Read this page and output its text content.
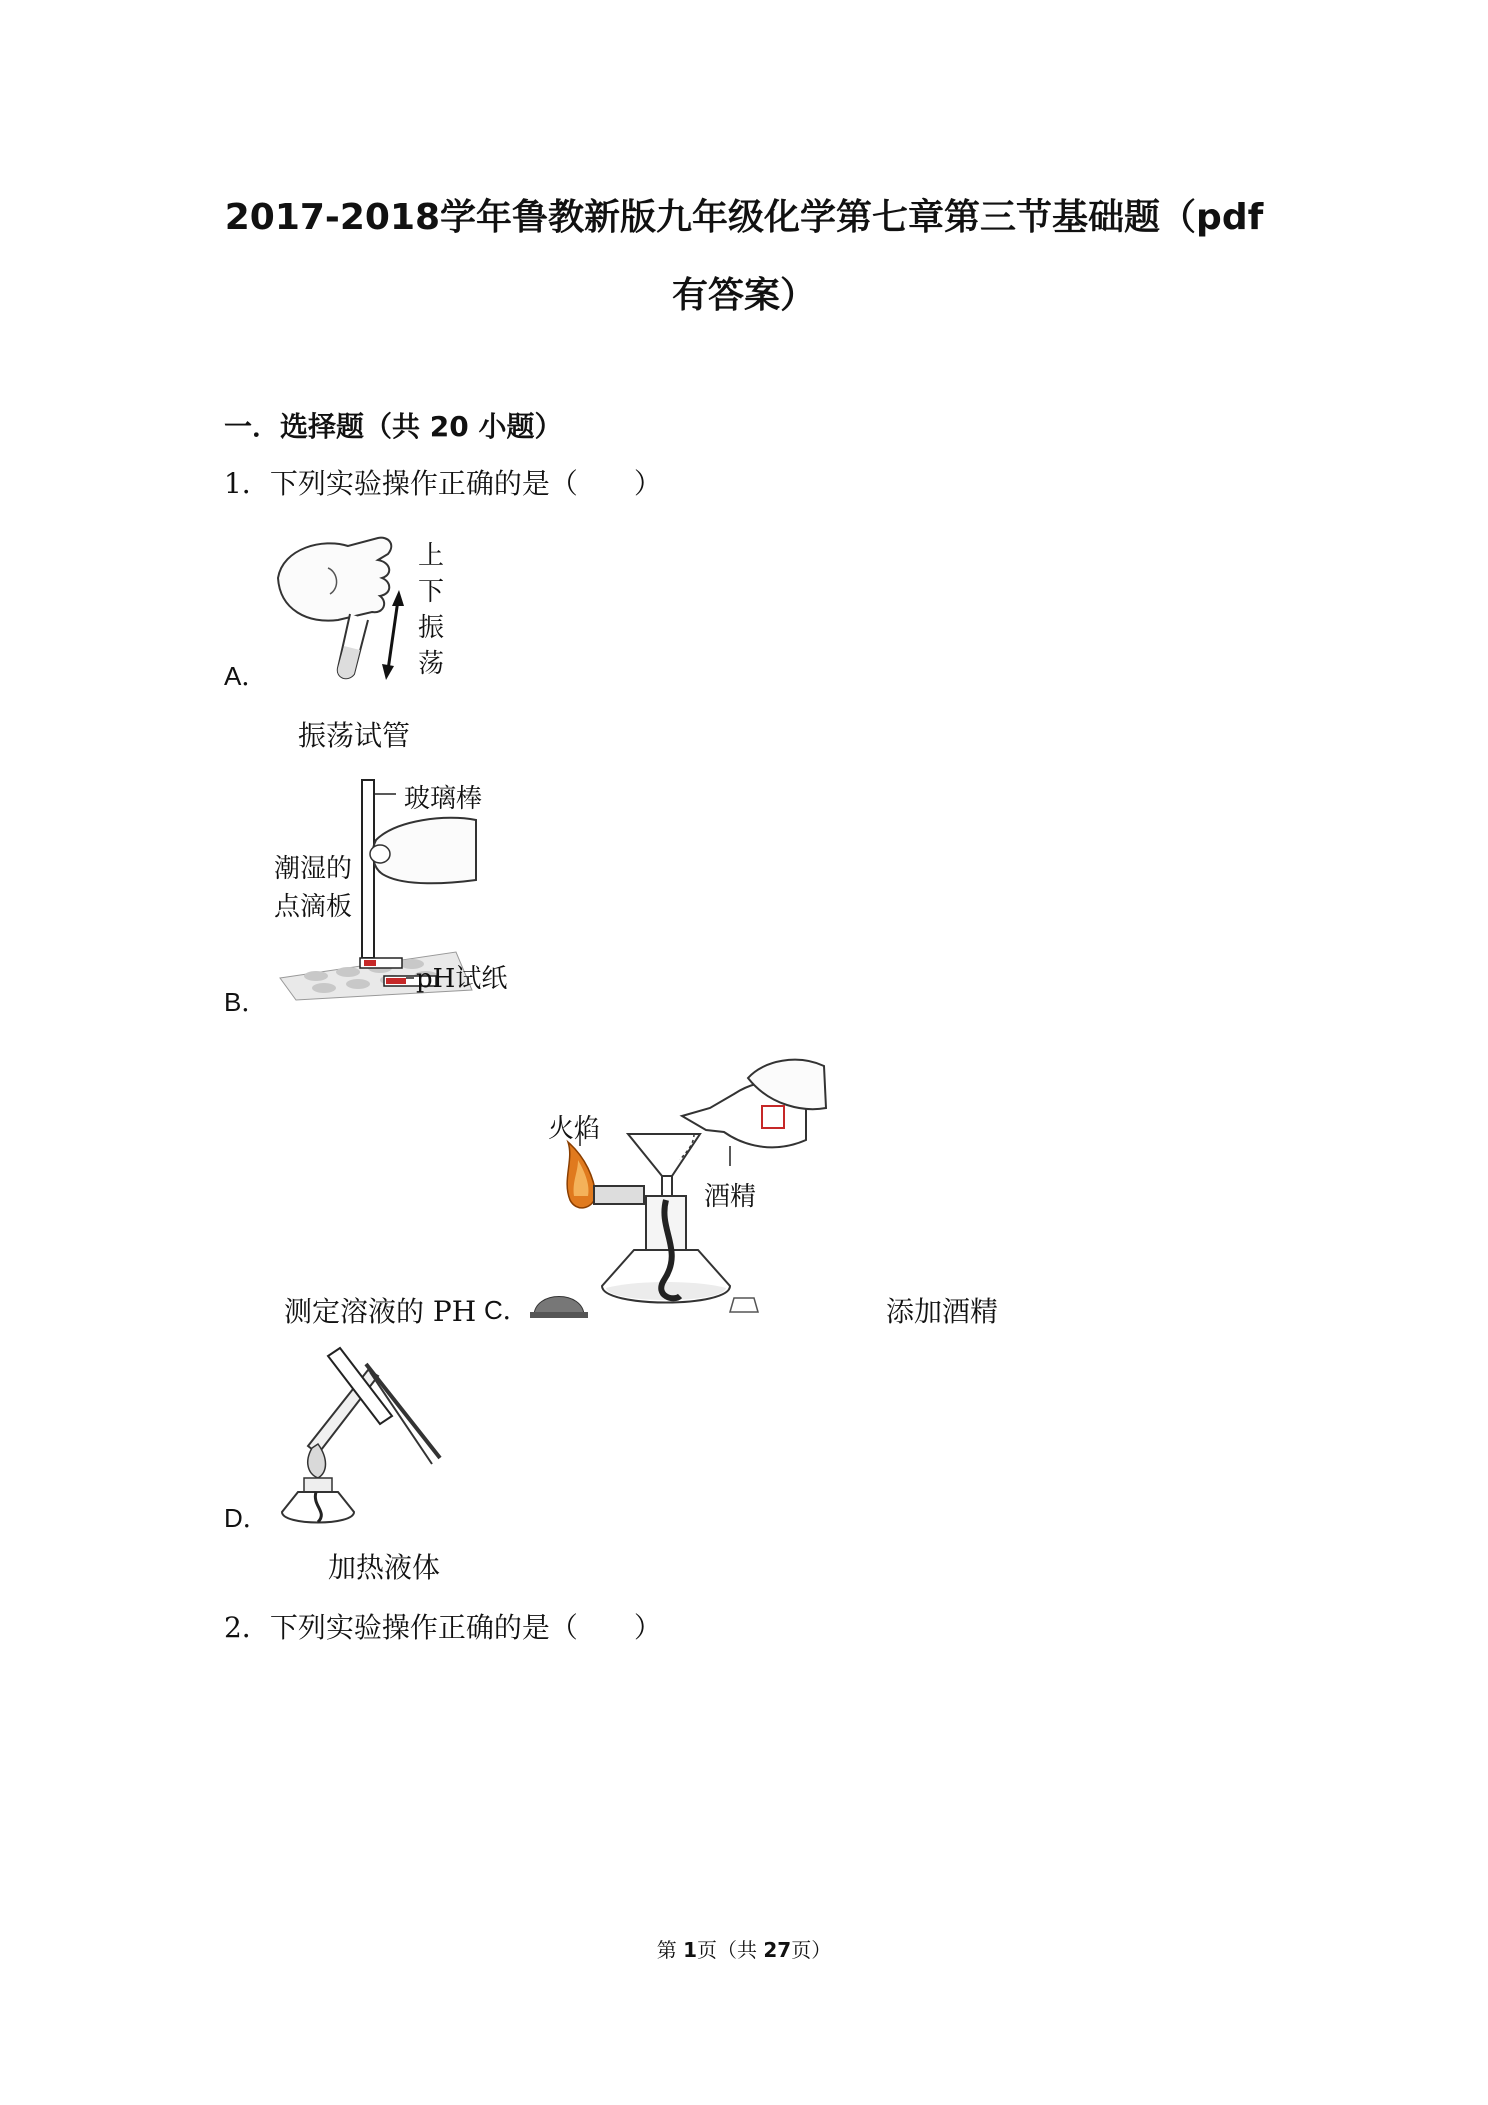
2017-2018学年鲁教新版九年级化学第七章第三节基础题（pdf
有答案）
一．选择题（共 20 小题）
1．下列实验操作正确的是（　　）
上
下
振
荡
A．
振荡试管
玻璃棒
潮湿的
点滴板
pH试纸
B．
测定溶液的 PH C．
火焰
酒精
添加酒精
D．
加热液体
2．下列实验操作正确的是（　　）
第 1页（共 27页）
